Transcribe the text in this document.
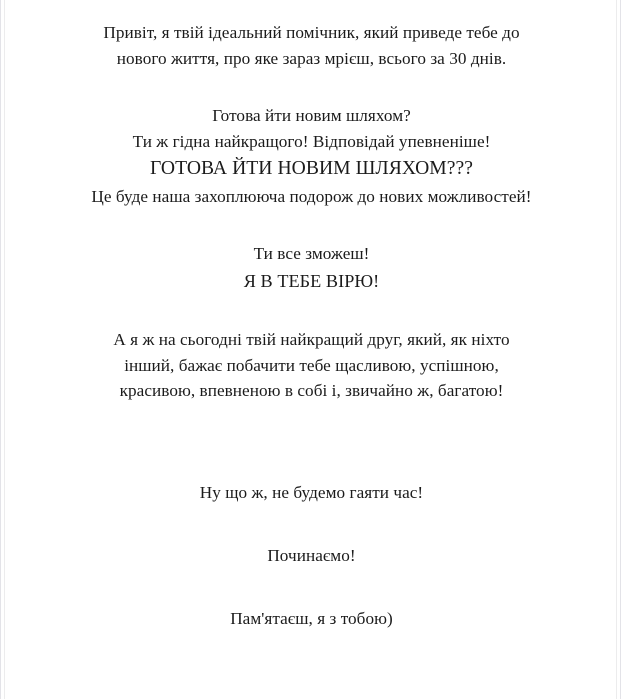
Привіт, я твій ідеальний помічник, який приведе тебе до

нового життя, про яке зараз мрієш, всього за 30 днів.

Готова йти новим шляхом?

Ти ж гідна найкращого! Відповідай упевненіше!

ГОТОВА ЙТИ НОВИМ ШЛЯХОМ???

Це буде наша захоплююча подорож до нових можливостей!

Ти все зможеш!

Я В ТЕБЕ ВІРЮ!

А я ж на сьогодні твій найкращий друг, який, як ніхто

інший, бажає побачити тебе щасливою, успішною,

красивою, впевненою в собі і, звичайно ж, багатою!

Ну що ж, не будемо гаяти час!

Починаємо!

Пам'ятаєш, я з тобою)
